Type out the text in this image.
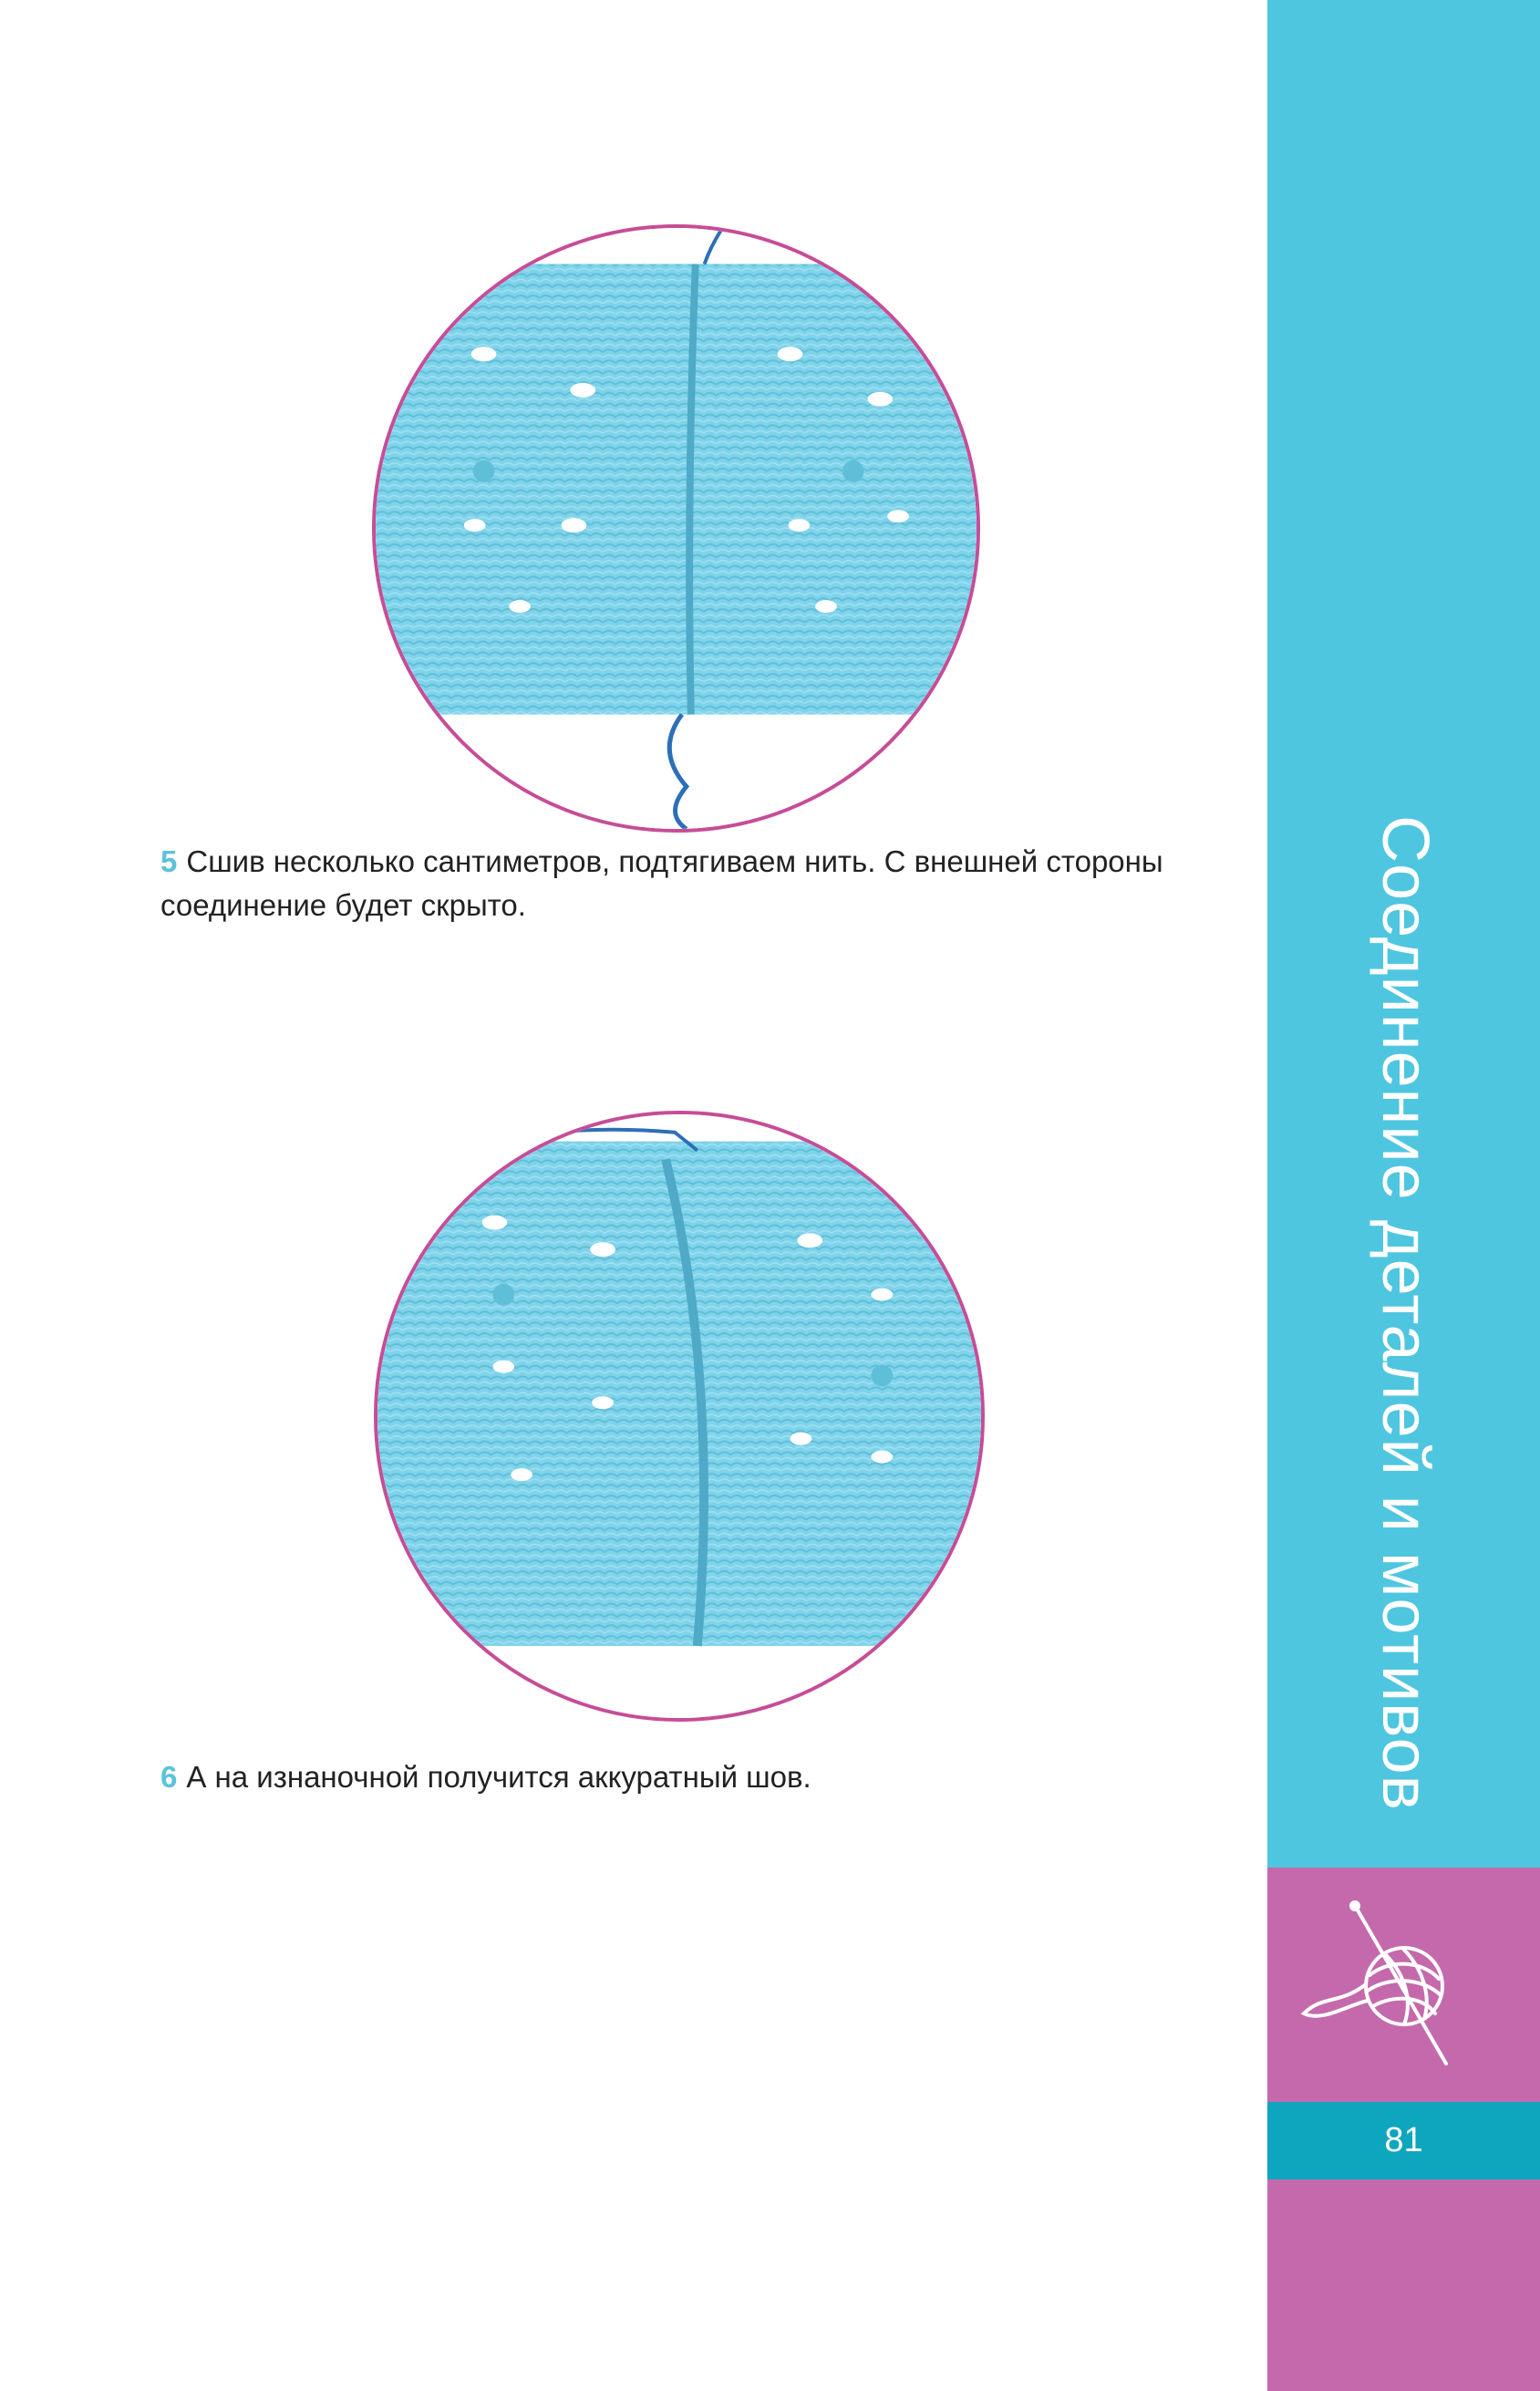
Соединение деталей и мотивов
81
5 Сшив несколько сантиметров, подтягиваем нить. С внешней стороны соединение будет скрыто.
6 А на изнаночной получится аккуратный шов.
